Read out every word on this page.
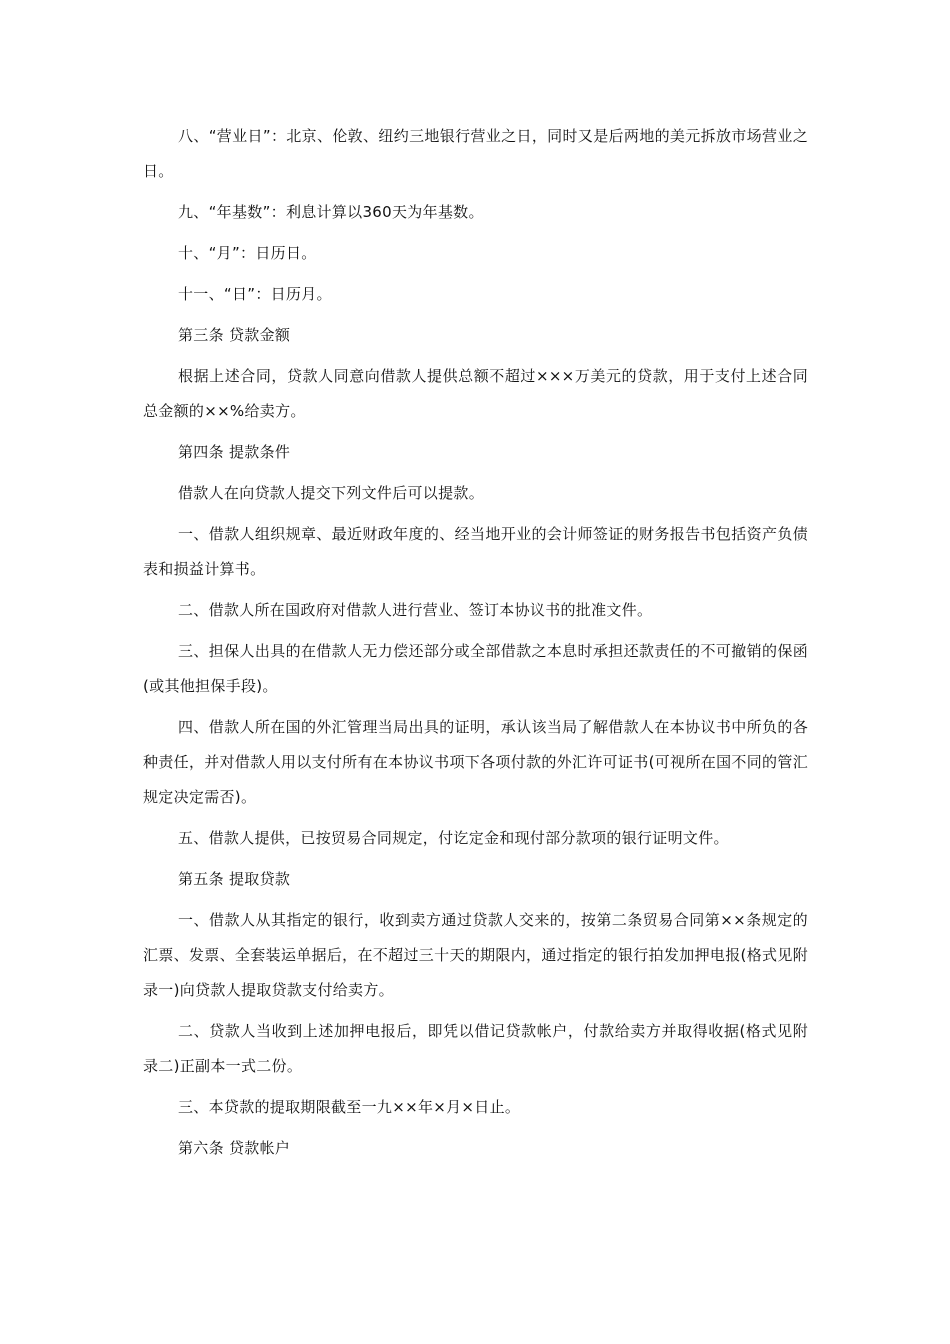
八、“营业日”：北京、伦敦、纽约三地银行营业之日，同时又是后两地的美元拆放市场营业之日。

九、“年基数”：利息计算以360天为年基数。

十、“月”：日历日。

十一、“日”：日历月。

第三条 贷款金额

根据上述合同，贷款人同意向借款人提供总额不超过×××万美元的贷款，用于支付上述合同总金额的××%给卖方。

第四条 提款条件

借款人在向贷款人提交下列文件后可以提款。

一、借款人组织规章、最近财政年度的、经当地开业的会计师签证的财务报告书包括资产负债表和损益计算书。

二、借款人所在国政府对借款人进行营业、签订本协议书的批准文件。

三、担保人出具的在借款人无力偿还部分或全部借款之本息时承担还款责任的不可撤销的保函(或其他担保手段)。

四、借款人所在国的外汇管理当局出具的证明，承认该当局了解借款人在本协议书中所负的各种责任，并对借款人用以支付所有在本协议书项下各项付款的外汇许可证书(可视所在国不同的管汇规定决定需否)。

五、借款人提供，已按贸易合同规定，付讫定金和现付部分款项的银行证明文件。

第五条 提取贷款

一、借款人从其指定的银行，收到卖方通过贷款人交来的，按第二条贸易合同第××条规定的汇票、发票、全套装运单据后，在不超过三十天的期限内，通过指定的银行拍发加押电报(格式见附录一)向贷款人提取贷款支付给卖方。

二、贷款人当收到上述加押电报后，即凭以借记贷款帐户，付款给卖方并取得收据(格式见附录二)正副本一式二份。

三、本贷款的提取期限截至一九××年×月×日止。

第六条 贷款帐户
